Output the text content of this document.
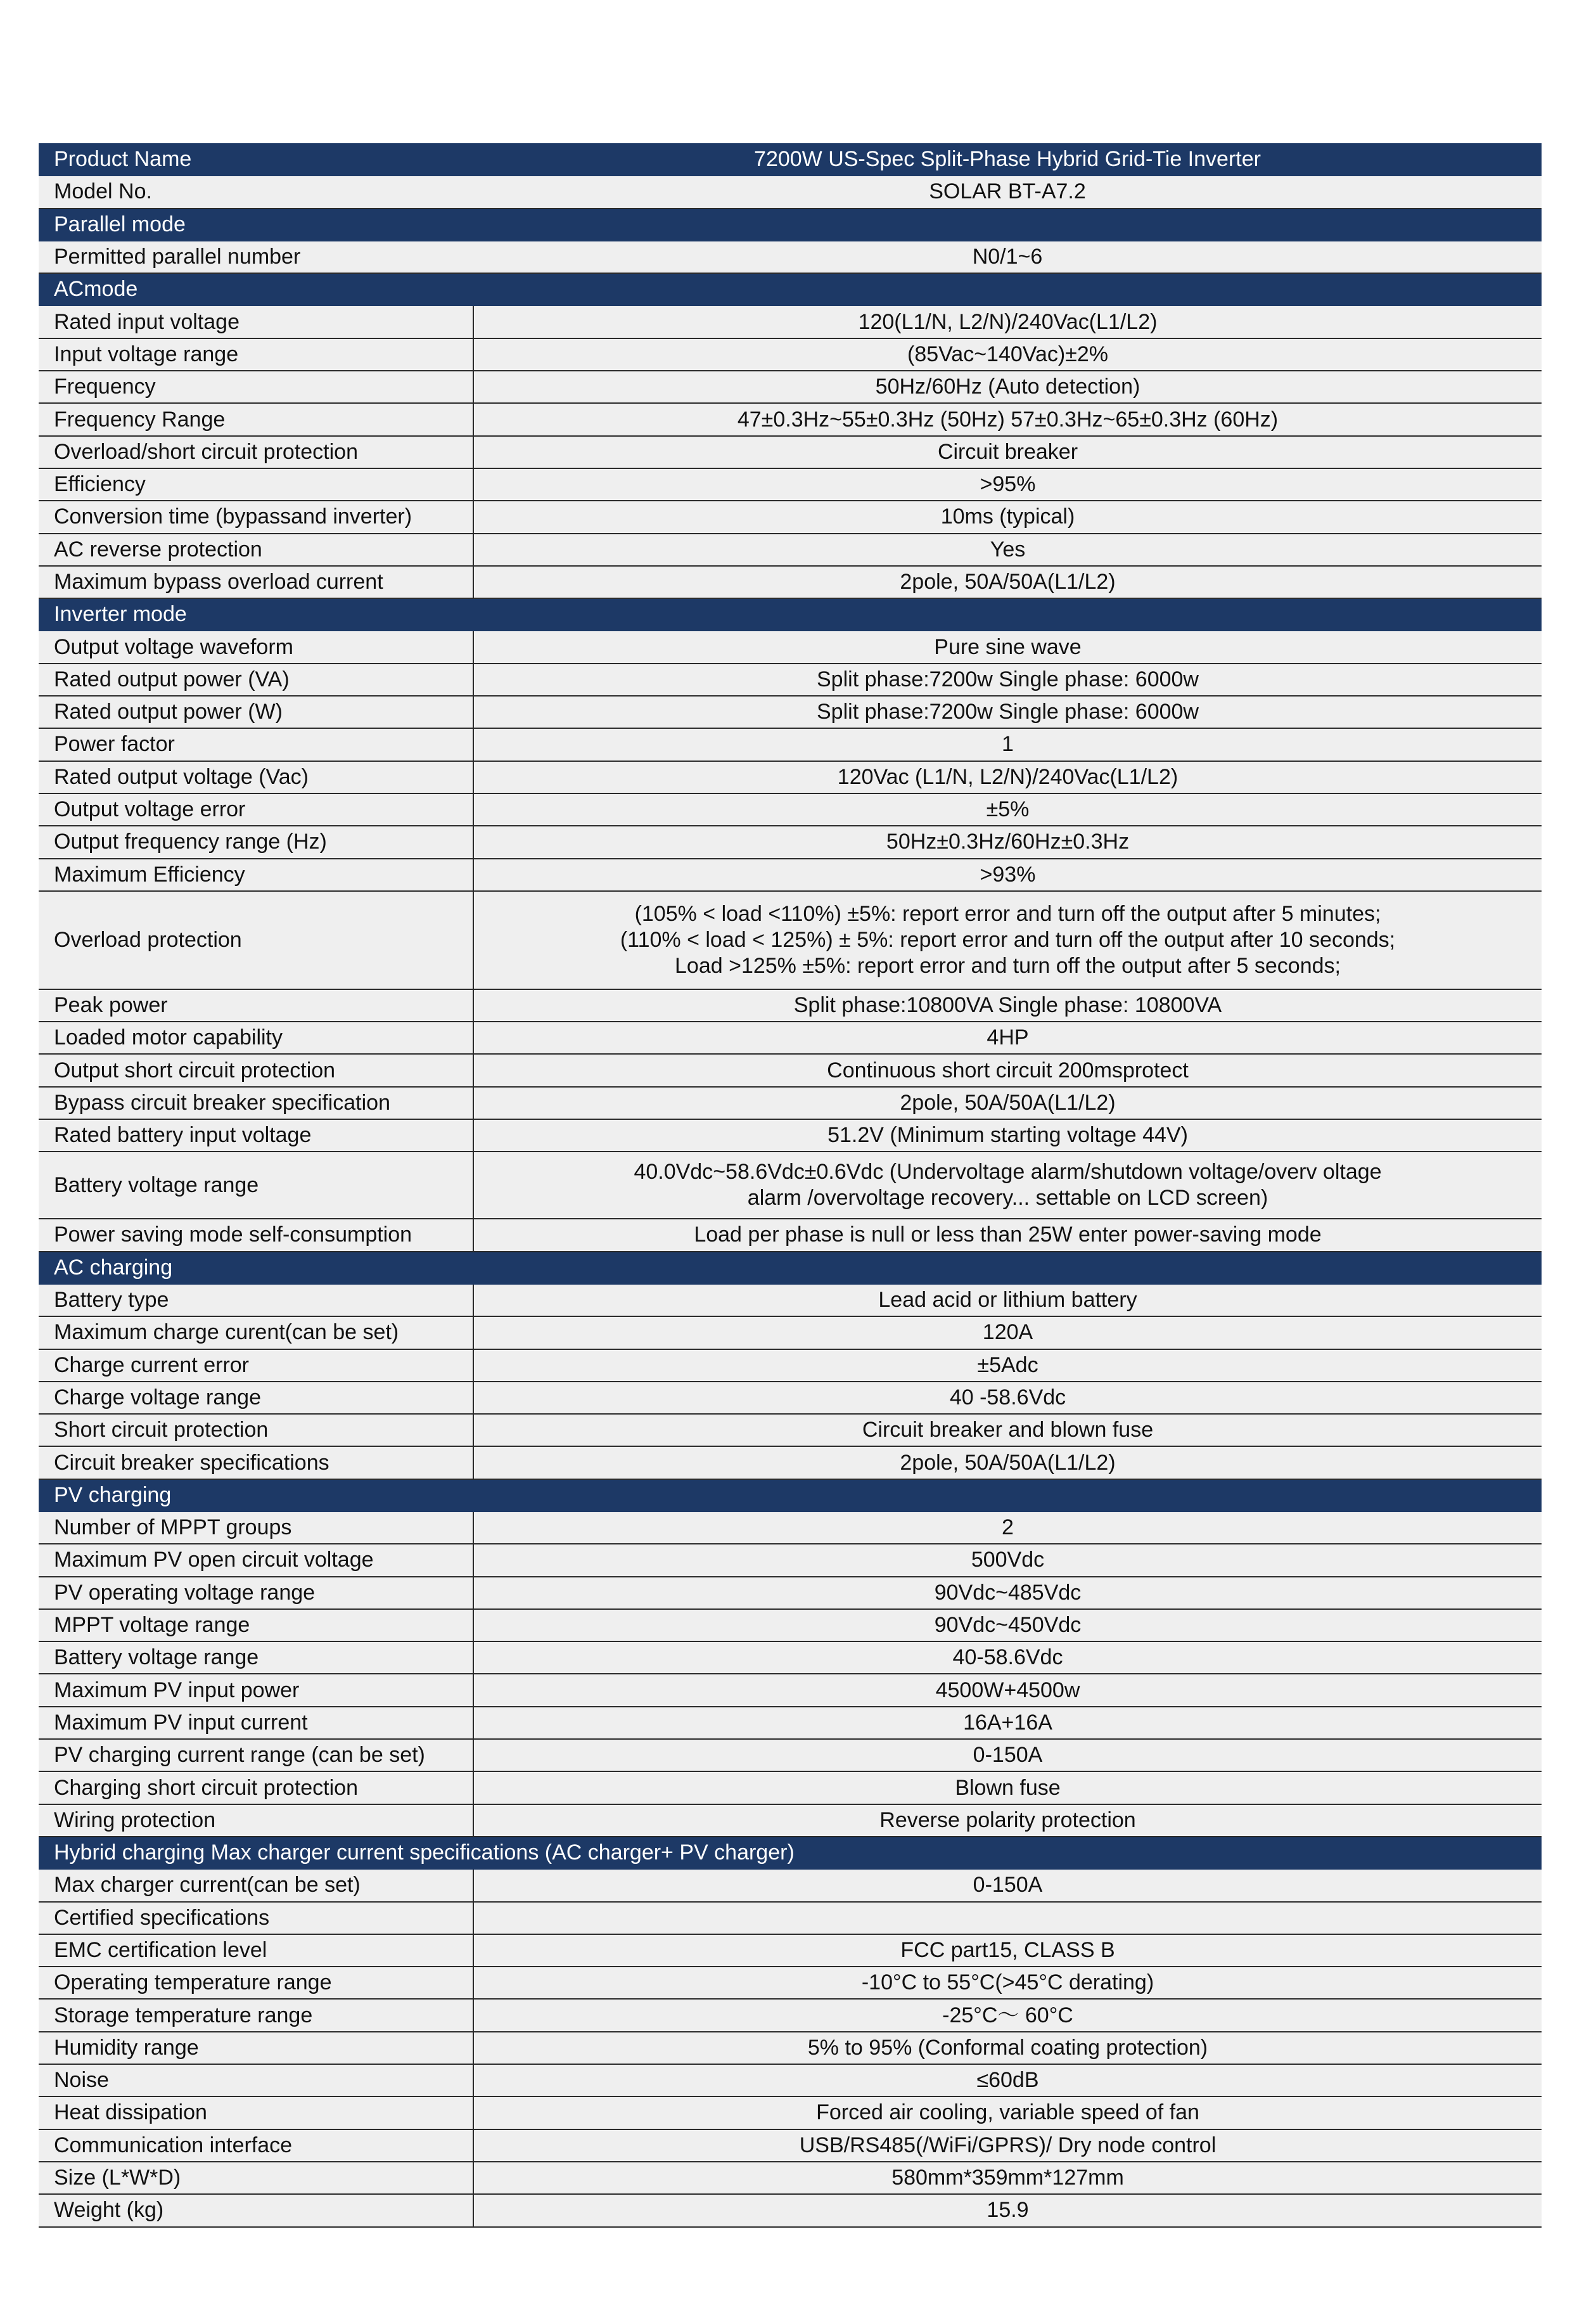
Product Name	7200W US-Spec Split-Phase Hybrid Grid-Tie Inverter
Model No.	SOLAR BT-A7.2
Parallel mode	
Permitted parallel number	N0/1~6
ACmode	
Rated input voltage	120(L1/N, L2/N)/240Vac(L1/L2)
Input voltage range	(85Vac~140Vac)±2%
Frequency	50Hz/60Hz (Auto detection)
Frequency Range	47±0.3Hz~55±0.3Hz (50Hz) 57±0.3Hz~65±0.3Hz (60Hz)
Overload/short circuit protection	Circuit breaker
Efficiency	>95%
Conversion time (bypassand inverter)	10ms (typical)
AC reverse protection	Yes
Maximum bypass overload current	2pole, 50A/50A(L1/L2)
Inverter mode	
Output voltage waveform	Pure sine wave
Rated output power (VA)	Split phase:7200w Single phase: 6000w
Rated output power (W)	Split phase:7200w Single phase: 6000w
Power factor	1
Rated output voltage (Vac)	120Vac (L1/N, L2/N)/240Vac(L1/L2)
Output voltage error	±5%
Output frequency range (Hz)	50Hz±0.3Hz/60Hz±0.3Hz
Maximum Efficiency	>93%
Overload protection	(105% < load <110%) ±5%: report error and turn off the output after 5 minutes;
(110% < load < 125%) ± 5%: report error and turn off the output after 10 seconds;
Load >125% ±5%: report error and turn off the output after 5 seconds;

Peak power	Split phase:10800VA Single phase: 10800VA
Loaded motor capability	4HP
Output short circuit protection	Continuous short circuit 200msprotect
Bypass circuit breaker specification	2pole, 50A/50A(L1/L2)
Rated battery input voltage	51.2V (Minimum starting voltage 44V)
Battery voltage range	40.0Vdc~58.6Vdc±0.6Vdc (Undervoltage alarm/shutdown voltage/overv oltage
alarm /overvoltage recovery... settable on LCD screen)

Power saving mode self-consumption	Load per phase is null or less than 25W enter power-saving mode
AC charging	
Battery type	Lead acid or lithium battery
Maximum charge curent(can be set)	120A
Charge current error	±5Adc
Charge voltage range	40 -58.6Vdc
Short circuit protection	Circuit breaker and blown fuse
Circuit breaker specifications	2pole, 50A/50A(L1/L2)
PV charging	
Number of MPPT groups	2
Maximum PV open circuit voltage	500Vdc
PV operating voltage range	90Vdc~485Vdc
MPPT voltage range	90Vdc~450Vdc
Battery voltage range	40-58.6Vdc
Maximum PV input power	4500W+4500w
Maximum PV input current	16A+16A
PV charging current range (can be set)	0-150A
Charging short circuit protection	Blown fuse
Wiring protection	Reverse polarity protection
Hybrid charging Max charger current specifications (AC charger+ PV charger)	
Max charger current(can be set)	0-150A
Certified specifications	
EMC certification level	FCC part15, CLASS B
Operating temperature range	-10°C to 55°C(>45°C derating)
Storage temperature range	-25°C～ 60°C
Humidity range	5% to 95% (Conformal coating protection)
Noise	≤60dB
Heat dissipation	Forced air cooling, variable speed of fan
Communication interface	USB/RS485(/WiFi/GPRS)/ Dry node control
Size (L*W*D)	580mm*359mm*127mm
Weight (kg)	15.9
